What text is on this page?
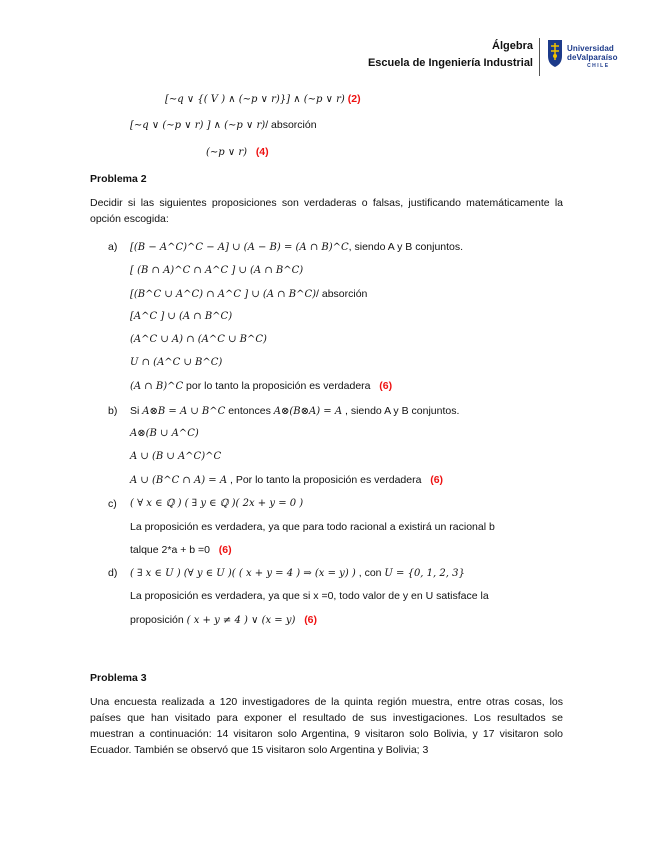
Álgebra
Escuela de Ingeniería Industrial
Universidad
deValparaíso
CHILE
[∼q ∨ {( V ) ∧ (∼p ∨ r)}] ∧ (∼p ∨ r) (2)
[∼q ∨ (∼p ∨ r) ] ∧ (∼p ∨ r)/ absorción
(∼p ∨ r) (4)
Problema 2
Decidir si las siguientes proposiciones son verdaderas o falsas, justificando matemáticamente la opción escogida:
a) [(B − A^C)^C − A] ∪ (A − B) = (A ∩ B)^C, siendo A y B conjuntos.
[ (B ∩ A)^C ∩ A^C ] ∪ (A ∩ B^C)
[(B^C ∪ A^C) ∩ A^C ] ∪ (A ∩ B^C)/ absorción
[A^C ] ∪ (A ∩ B^C)
(A^C ∪ A) ∩ (A^C ∪ B^C)
U ∩ (A^C ∪ B^C)
(A ∩ B)^C por lo tanto la proposición es verdadera (6)
b) Si A⊗B = A ∪ B^C entonces A⊗(B⊗A) = A , siendo A y B conjuntos.
A⊗(B ∪ A^C)
A ∪ (B ∪ A^C)^C
A ∪ (B^C ∩ A) = A , Por lo tanto la proposición es verdadera (6)
c) ( ∀ x ∈ ℚ ) ( ∃ y ∈ ℚ )( 2x + y = 0 )
La proposición es verdadera, ya que para todo racional a existirá un racional b
talque 2*a + b =0 (6)
d) ( ∃ x ∈ U ) (∀ y ∈ U )( ( x + y = 4 ) ⇒ (x = y) ) , con U = {0, 1, 2, 3}
La proposición es verdadera, ya que si x =0, todo valor de y en U satisface la
proposición ( x + y ≠ 4 ) ∨ (x = y) (6)
Problema 3
Una encuesta realizada a 120 investigadores de la quinta región muestra, entre otras cosas, los países que han visitado para exponer el resultado de sus investigaciones. Los resultados se muestran a continuación: 14 visitaron solo Argentina, 9 visitaron solo Bolivia, y 17 visitaron solo Ecuador. También se observó que 15 visitaron solo Argentina y Bolivia; 3
